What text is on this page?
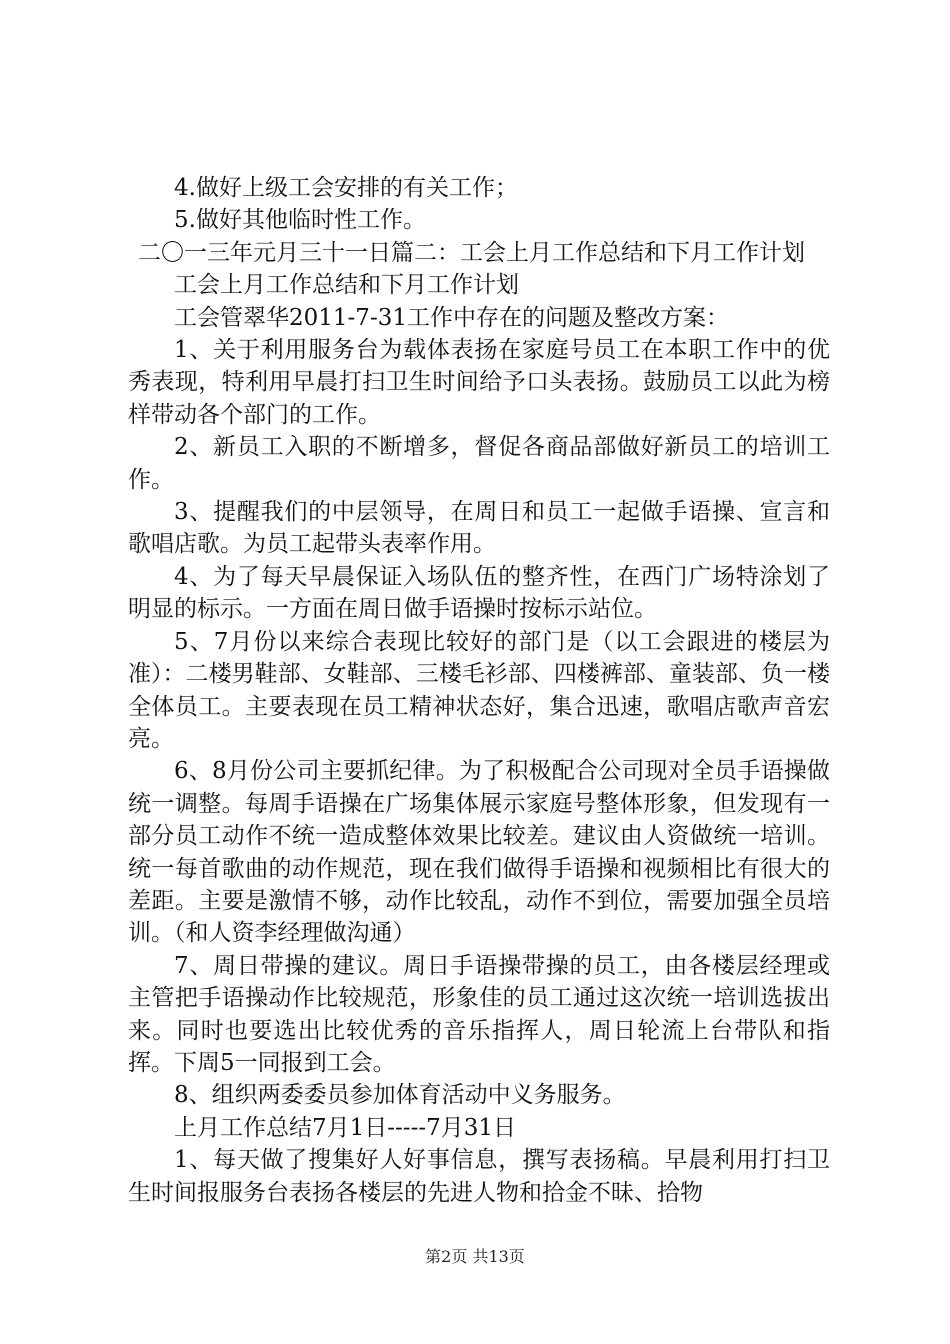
4.做好上级工会安排的有关工作；

5.做好其他临时性工作。

二〇一三年元月三十一日篇二：工会上月工作总结和下月工作计划

工会上月工作总结和下月工作计划

工会管翠华2011-7-31工作中存在的问题及整改方案：

1、关于利用服务台为载体表扬在家庭号员工在本职工作中的优秀表现，特利用早晨打扫卫生时间给予口头表扬。鼓励员工以此为榜样带动各个部门的工作。

2、新员工入职的不断增多，督促各商品部做好新员工的培训工作。

3、提醒我们的中层领导，在周日和员工一起做手语操、宣言和歌唱店歌。为员工起带头表率作用。

4、为了每天早晨保证入场队伍的整齐性，在西门广场特涂划了明显的标示。一方面在周日做手语操时按标示站位。

5、7月份以来综合表现比较好的部门是（以工会跟进的楼层为准）：二楼男鞋部、女鞋部、三楼毛衫部、四楼裤部、童装部、负一楼全体员工。主要表现在员工精神状态好，集合迅速，歌唱店歌声音宏亮。

6、8月份公司主要抓纪律。为了积极配合公司现对全员手语操做统一调整。每周手语操在广场集体展示家庭号整体形象，但发现有一部分员工动作不统一造成整体效果比较差。建议由人资做统一培训。统一每首歌曲的动作规范，现在我们做得手语操和视频相比有很大的差距。主要是激情不够，动作比较乱，动作不到位，需要加强全员培训。（和人资李经理做沟通）

7、周日带操的建议。周日手语操带操的员工，由各楼层经理或主管把手语操动作比较规范，形象佳的员工通过这次统一培训选拔出来。同时也要选出比较优秀的音乐指挥人，周日轮流上台带队和指挥。下周5一同报到工会。

8、组织两委委员参加体育活动中义务服务。

上月工作总结7月1日-----7月31日

1、每天做了搜集好人好事信息，撰写表扬稿。早晨利用打扫卫生时间报服务台表扬各楼层的先进人物和拾金不昧、拾物

第2页 共13页
